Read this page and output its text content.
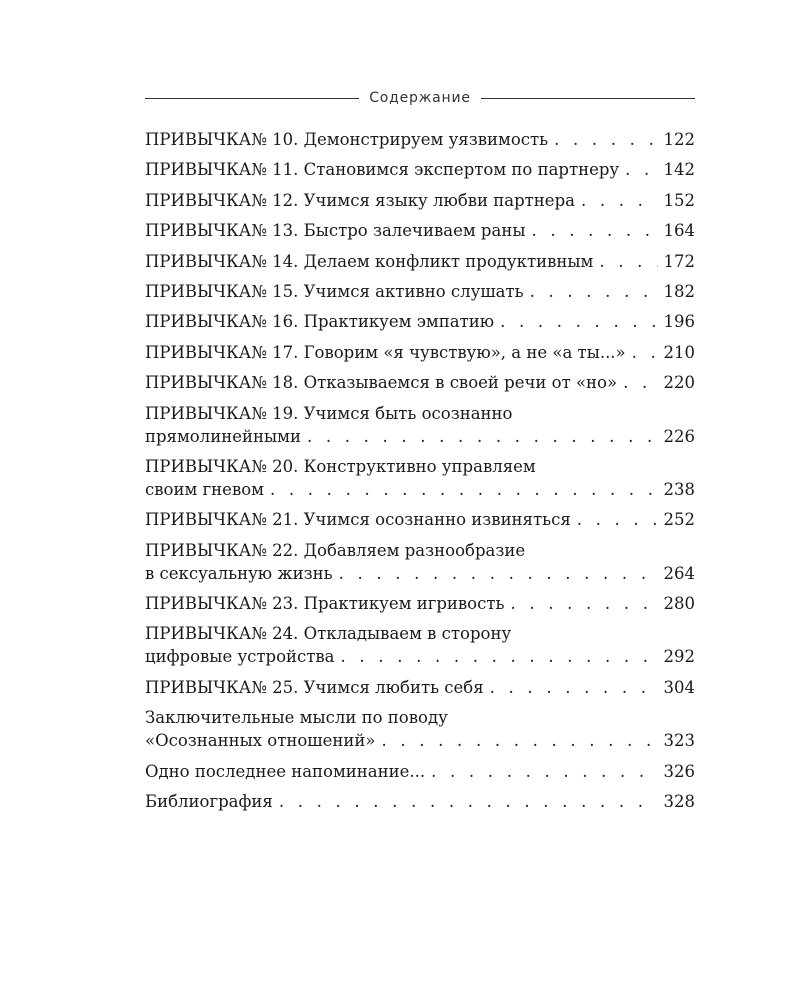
Содержание
ПРИВЫЧКА№ 10. Демонстрируем уязвимость . . .	122
ПРИВЫЧКА№ 11. Становимся экспертом по партнеру . . .	142
ПРИВЫЧКА№ 12. Учимся языку любви партнера . . .	152
ПРИВЫЧКА№ 13. Быстро залечиваем раны . . .	164
ПРИВЫЧКА№ 14. Делаем конфликт продуктивным . . .	172
ПРИВЫЧКА№ 15. Учимся активно слушать . . .	182
ПРИВЫЧКА№ 16. Практикуем эмпатию . . .	196
ПРИВЫЧКА№ 17. Говорим «я чувствую», а не «а ты...» . . . 210
ПРИВЫЧКА№ 18. Отказываемся в своей речи от «но» . . .	220
ПРИВЫЧКА№ 19. Учимся быть осознанно
прямолинейными . . .	226
ПРИВЫЧКА№ 20. Конструктивно управляем
своим гневом . . .	238
ПРИВЫЧКА№ 21. Учимся осознанно извиняться . . .	252
ПРИВЫЧКА№ 22. Добавляем разнообразие
в сексуальную жизнь . . .	264
ПРИВЫЧКА№ 23. Практикуем игривость . . .	280
ПРИВЫЧКА№ 24. Откладываем в сторону
цифровые устройства . . .	292
ПРИВЫЧКА№ 25. Учимся любить себя . . .	304
Заключительные мысли по поводу
«Осознанных отношений» . . .	323
Одно последнее напоминание... . . .	326
Библиография . . .	328
